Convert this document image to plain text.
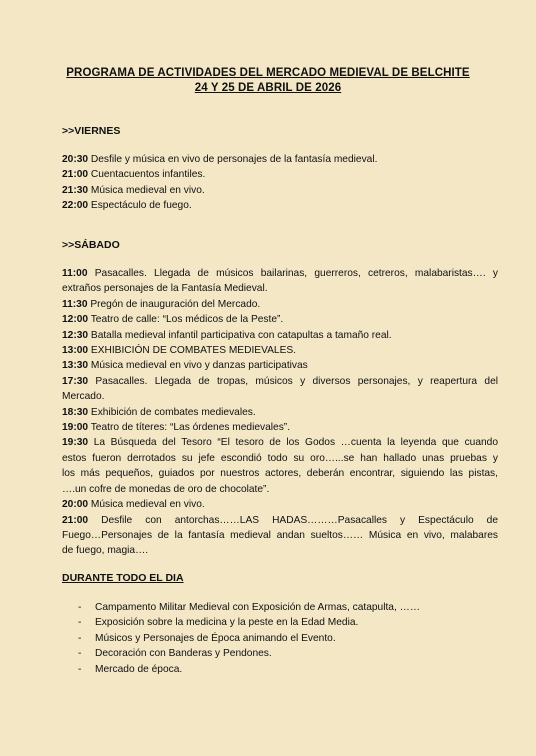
PROGRAMA DE ACTIVIDADES DEL MERCADO MEDIEVAL DE BELCHITE
24 Y 25 DE ABRIL DE 2026
>>VIERNES
20:30 Desfile y música en vivo de personajes de la fantasía medieval.
21:00 Cuentacuentos infantiles.
21:30 Música medieval en vivo.
22:00 Espectáculo de fuego.
>>SÁBADO
11:00 Pasacalles. Llegada de músicos bailarinas, guerreros, cetreros, malabaristas…. y
extraños personajes de la Fantasía Medieval.
11:30 Pregón de inauguración del Mercado.
12:00 Teatro de calle: “Los médicos de la Peste”.
12:30 Batalla medieval infantil participativa con catapultas a tamaño real.
13:00 EXHIBICIÓN DE COMBATES MEDIEVALES.
13:30 Música medieval en vivo y danzas participativas
17:30 Pasacalles. Llegada de tropas, músicos y diversos personajes, y reapertura del
Mercado.
18:30 Exhibición de combates medievales.
19:00 Teatro de títeres: “Las órdenes medievales”.
19:30 La Búsqueda del Tesoro “El tesoro de los Godos …cuenta la leyenda que cuando
estos fueron derrotados su jefe escondió todo su oro…...se han hallado unas pruebas y
los más pequeños, guiados por nuestros actores, deberán encontrar, siguiendo las pistas,
….un cofre de monedas de oro de chocolate”.
20:00 Música medieval en vivo.
21:00 Desfile con antorchas……LAS HADAS………Pasacalles y Espectáculo de
Fuego…Personajes de la fantasía medieval andan sueltos…… Música en vivo, malabares
de fuego, magia….
DURANTE TODO EL DIA
- Campamento Militar Medieval con Exposición de Armas, catapulta, ……
- Exposición sobre la medicina y la peste en la Edad Media.
- Músicos y Personajes de Época animando el Evento.
- Decoración con Banderas y Pendones.
- Mercado de época.
